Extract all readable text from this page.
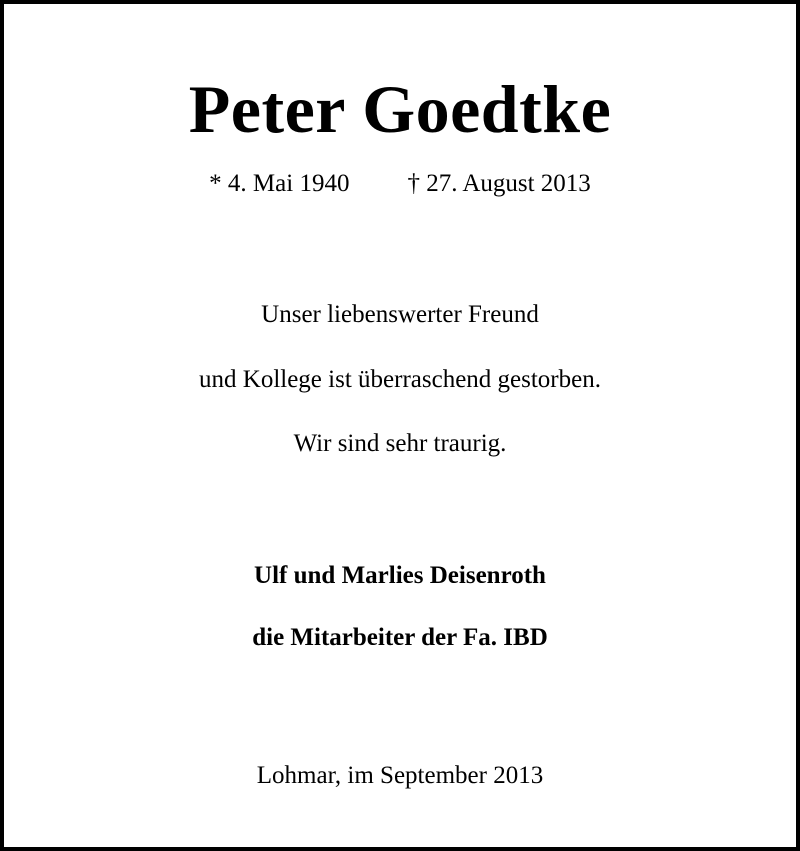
Peter Goedtke
* 4. Mai 1940 † 27. August 2013
Unser liebenswerter Freund
und Kollege ist überraschend gestorben.
Wir sind sehr traurig.
Ulf und Marlies Deisenroth
die Mitarbeiter der Fa. IBD
Lohmar, im September 2013
